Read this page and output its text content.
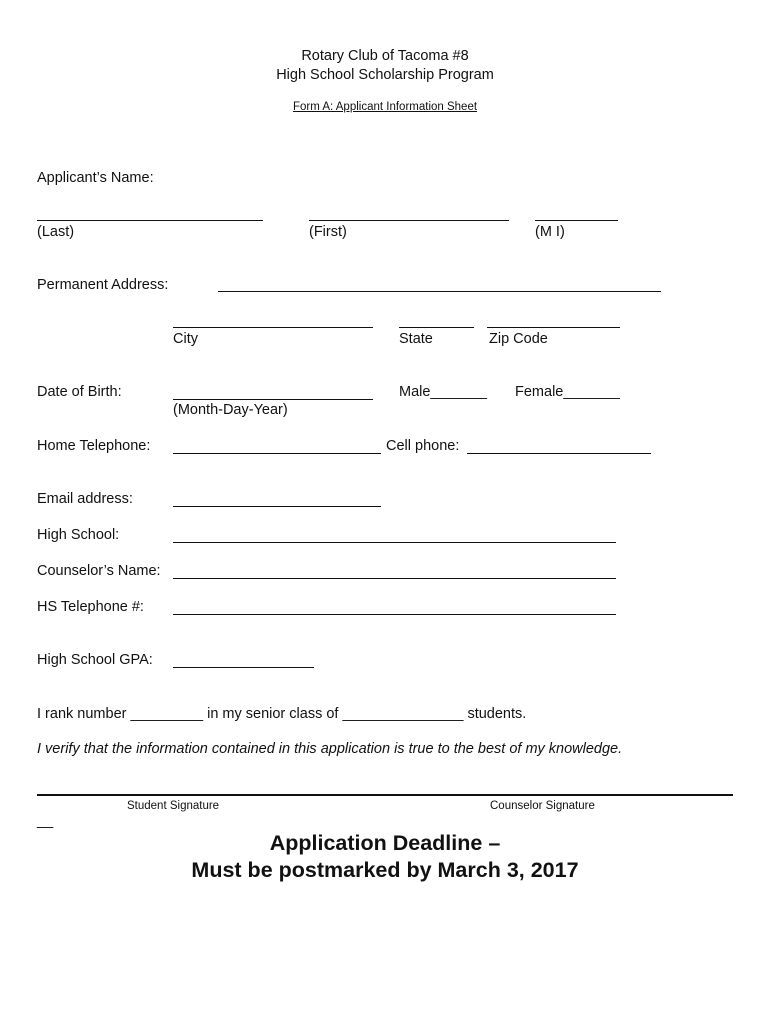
Rotary Club of Tacoma #8
High School Scholarship Program
Form A: Applicant Information Sheet
Applicant’s Name:
(Last)	(First)	(M I)
Permanent Address:
City	State	Zip Code
Date of Birth:
(Month-Day-Year)
Male_______ Female_______
Home Telephone:	Cell phone:
Email address:
High School:
Counselor’s Name:
HS Telephone #:
High School GPA:
I rank number _________ in my senior class of _______________ students.
I verify that the information contained in this application is true to the best of my knowledge.
Student Signature	Counselor Signature
__
Application Deadline –
Must be postmarked by March 3, 2017
